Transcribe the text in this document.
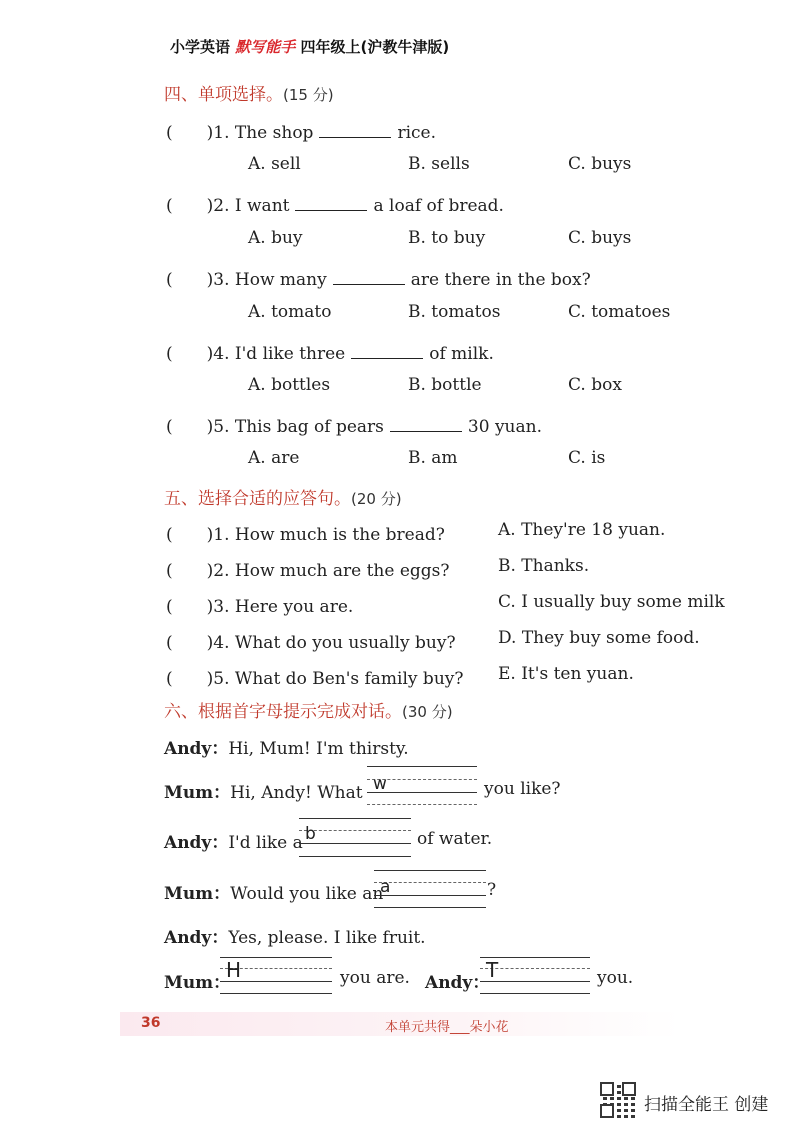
小学英语 默写能手 四年级上(沪教牛津版)
四、单项选择。(15 分)
(　　)1. The shop	rice.
A. sell	B. sells	C. buys
(　　)2. I want	a loaf of bread.
A. buy	B. to buy	C. buys
(　　)3. How many	are there in the box?
A. tomato	B. tomatos	C. tomatoes
(　　)4. I'd like three	of milk.
A. bottles	B. bottle	C. box
(　　)5. This bag of pears	30 yuan.
A. are	B. am	C. is
五、选择合适的应答句。(20 分)
(　　)1. How much is the bread?	A. They're 18 yuan.
(　　)2. How much are the eggs?	B. Thanks.
(　　)3. Here you are.	C. I usually buy some milk
(　　)4. What do you usually buy? D. They buy some food.
(　　)5. What do Ben's family buy? E. It's ten yuan.
六、根据首字母提示完成对话。(30 分)
Andy：Hi, Mum! I'm thirsty.
Mum：Hi, Andy! What w	you like?
Andy：I'd like a b	of water.
Mum：Would you like an
a	?
Andy：Yes, please. I like fruit.
Mum：
H	you are. Andy：
T	you.
36	本单元共得___朵小花
扫描全能王 创建
